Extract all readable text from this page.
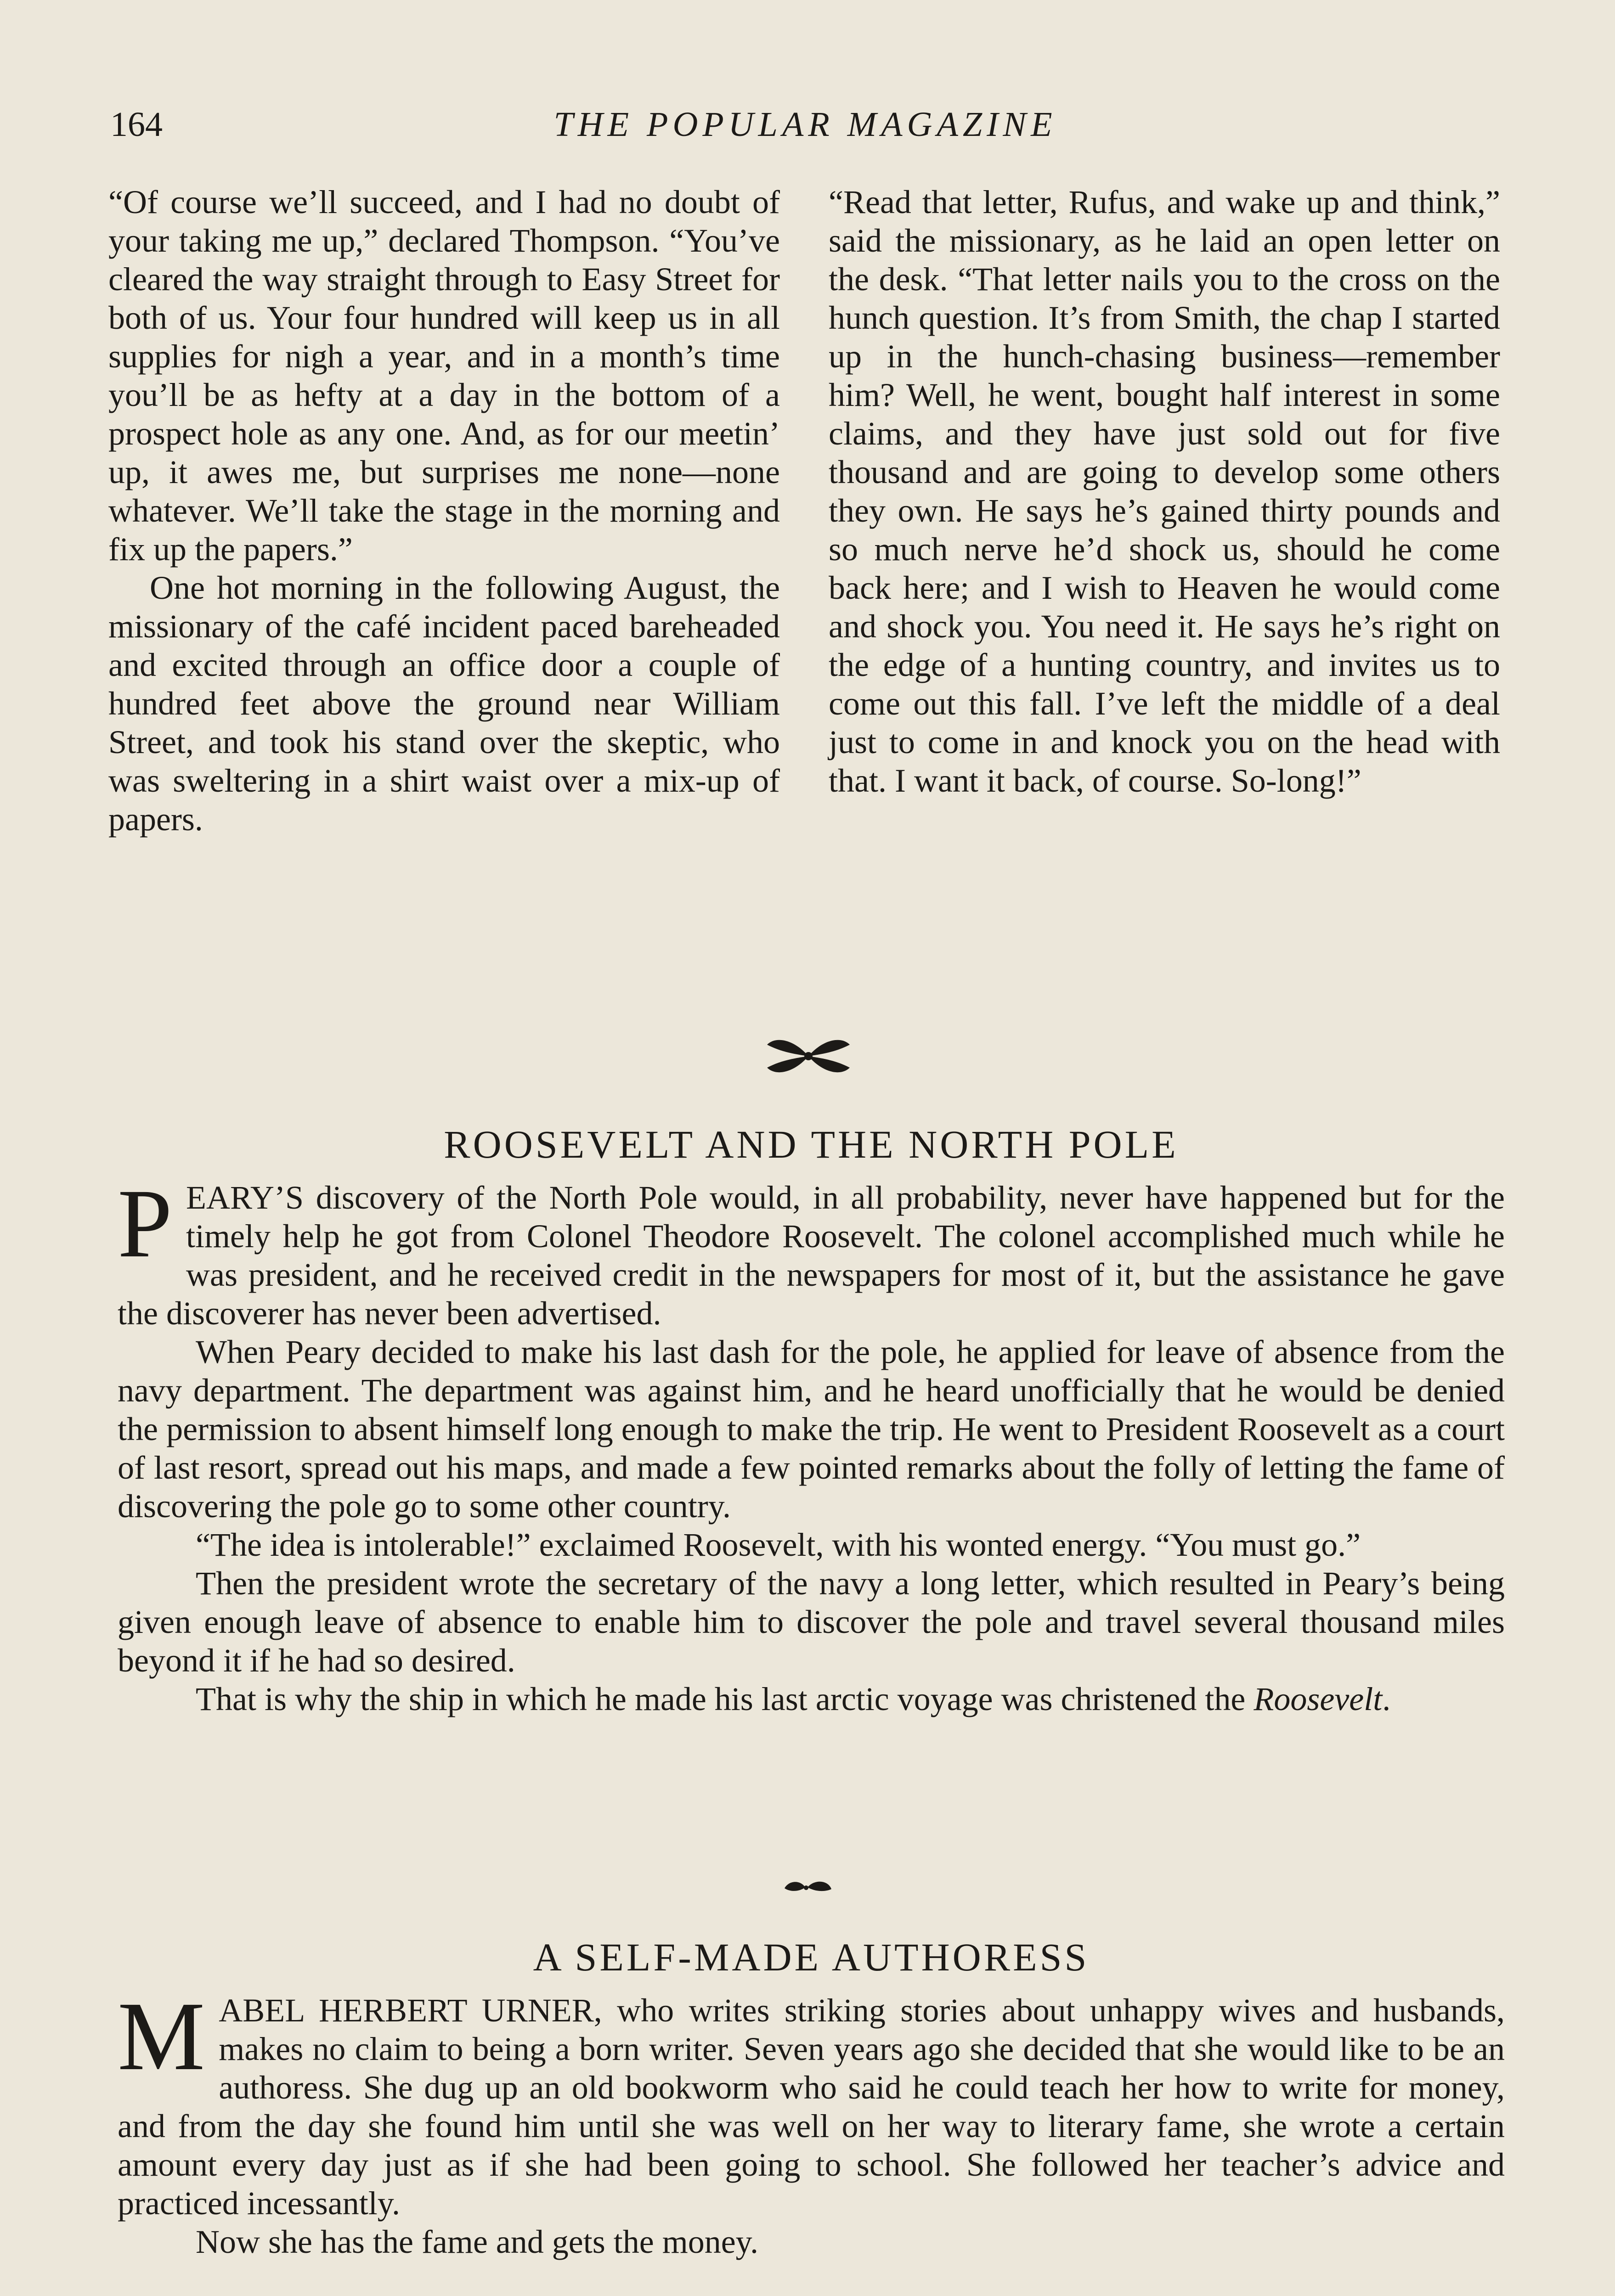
164	THE POPULAR MAGAZINE

“Of course we’ll succeed, and I had no doubt of your taking me up,” declared Thompson. “You’ve cleared the way straight through to Easy Street for both of us. Your four hundred will keep us in all supplies for nigh a year, and in a month’s time you’ll be as hefty at a day in the bottom of a prospect hole as any one. And, as for our meetin’ up, it awes me, but surprises me none—none whatever. We’ll take the stage in the morning and fix up the papers.”

One hot morning in the following August, the missionary of the café incident paced bareheaded and excited through an office door a couple of hundred feet above the ground near William Street, and took his stand over the skeptic, who was sweltering in a shirt waist over a mix-up of papers.

“Read that letter, Rufus, and wake up and think,” said the missionary, as he laid an open letter on the desk. “That letter nails you to the cross on the hunch question. It’s from Smith, the chap I started up in the hunch-chasing business—remember him? Well, he went, bought half interest in some claims, and they have just sold out for five thousand and are going to develop some others they own. He says he’s gained thirty pounds and so much nerve he’d shock us, should he come back here; and I wish to Heaven he would come and shock you. You need it. He says he’s right on the edge of a hunting country, and invites us to come out this fall. I’ve left the middle of a deal just to come in and knock you on the head with that. I want it back, of course. So-long!”

ROOSEVELT AND THE NORTH POLE

PEARY’S discovery of the North Pole would, in all probability, never have happened but for the timely help he got from Colonel Theodore Roosevelt. The colonel accomplished much while he was president, and he received credit in the newspapers for most of it, but the assistance he gave the discoverer has never been advertised.

When Peary decided to make his last dash for the pole, he applied for leave of absence from the navy department. The department was against him, and he heard unofficially that he would be denied the permission to absent himself long enough to make the trip. He went to President Roosevelt as a court of last resort, spread out his maps, and made a few pointed remarks about the folly of letting the fame of discovering the pole go to some other country.

“The idea is intolerable!” exclaimed Roosevelt, with his wonted energy. “You must go.”

Then the president wrote the secretary of the navy a long letter, which resulted in Peary’s being given enough leave of absence to enable him to discover the pole and travel several thousand miles beyond it if he had so desired.

That is why the ship in which he made his last arctic voyage was christened the Roosevelt.

A SELF-MADE AUTHORESS

MABEL HERBERT URNER, who writes striking stories about unhappy wives and husbands, makes no claim to being a born writer. Seven years ago she decided that she would like to be an authoress. She dug up an old bookworm who said he could teach her how to write for money, and from the day she found him until she was well on her way to literary fame, she wrote a certain amount every day just as if she had been going to school. She followed her teacher’s advice and practiced incessantly.

Now she has the fame and gets the money.
